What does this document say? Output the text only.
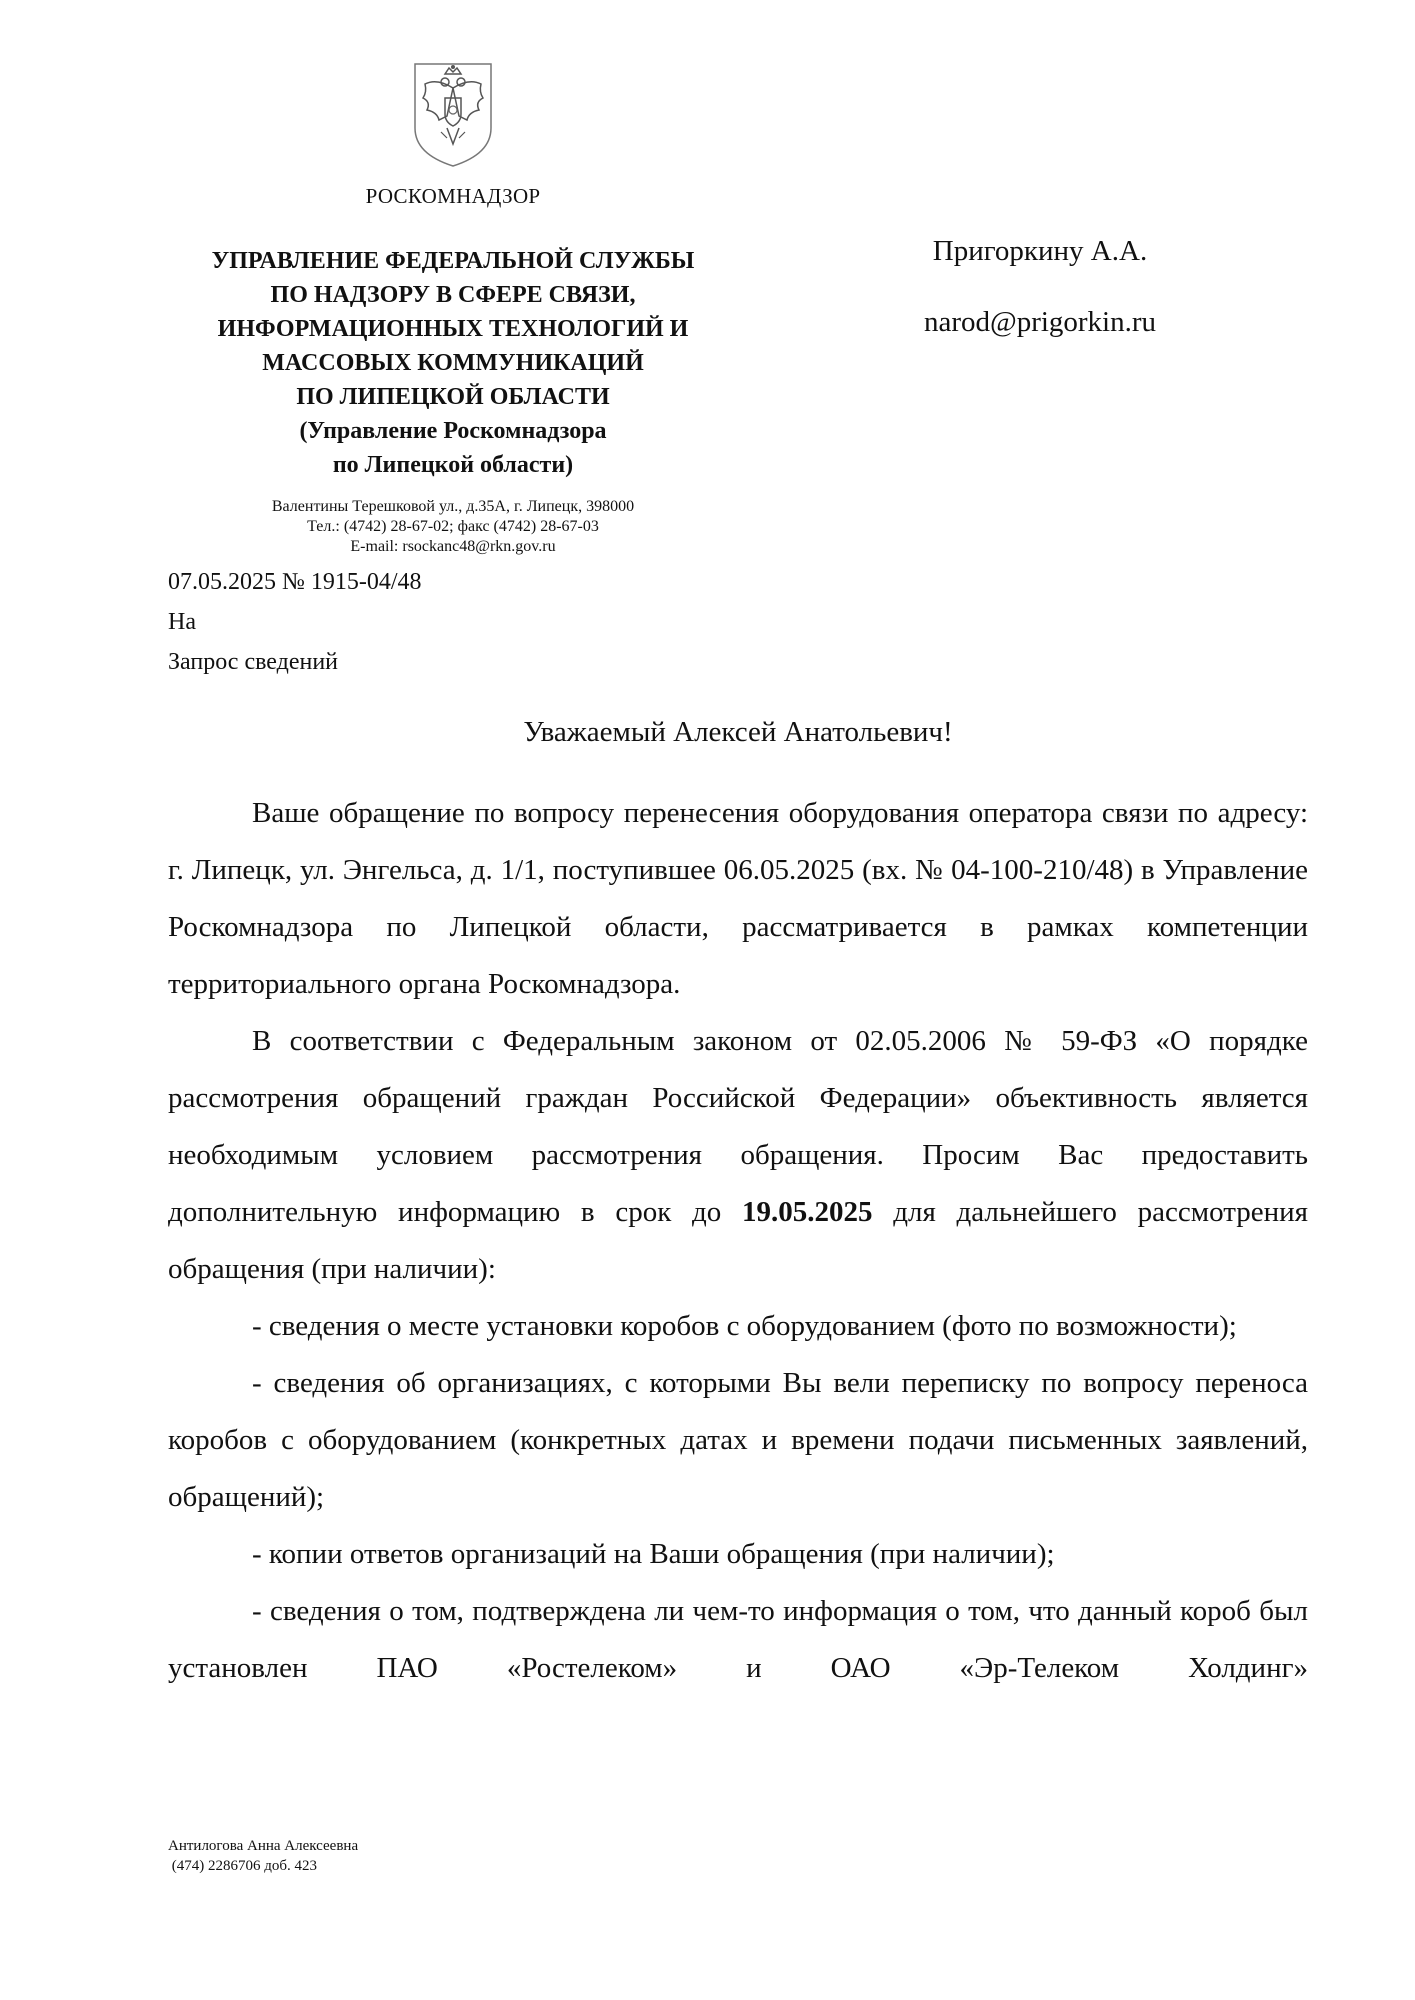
РОСКОМНАДЗОР
УПРАВЛЕНИЕ ФЕДЕРАЛЬНОЙ СЛУЖБЫ
ПО НАДЗОРУ В СФЕРЕ СВЯЗИ,
ИНФОРМАЦИОННЫХ ТЕХНОЛОГИЙ И
МАССОВЫХ КОММУНИКАЦИЙ
ПО ЛИПЕЦКОЙ ОБЛАСТИ
(Управление Роскомнадзора
по Липецкой области)
Валентины Терешковой ул., д.35А, г. Липецк, 398000
Тел.: (4742) 28-67-02; факс (4742) 28-67-03
E-mail: rsockanc48@rkn.gov.ru
Пригоркину А.А.
narod@prigorkin.ru
07.05.2025 № 1915-04/48
На
Запрос сведений
Уважаемый Алексей Анатольевич!

Ваше обращение по вопросу перенесения оборудования оператора связи по адресу: г. Липецк, ул. Энгельса, д. 1/1, поступившее 06.05.2025 (вх. № 04-100-210/48) в Управление Роскомнадзора по Липецкой области, рассматривается в рамках компетенции территориального органа Роскомнадзора.

В соответствии с Федеральным законом от 02.05.2006 № 59-ФЗ «О порядке рассмотрения обращений граждан Российской Федерации» объективность является необходимым условием рассмотрения обращения. Просим Вас предоставить дополнительную информацию в срок до 19.05.2025 для дальнейшего рассмотрения обращения (при наличии):

- сведения о месте установки коробов с оборудованием (фото по возможности);

- сведения об организациях, с которыми Вы вели переписку по вопросу переноса коробов с оборудованием (конкретных датах и времени подачи письменных заявлений, обращений);

- копии ответов организаций на Ваши обращения (при наличии);

- сведения о том, подтверждена ли чем-то информация о том, что данный короб был установлен ПАО «Ростелеком» и ОАО «Эр-Телеком Холдинг»

Антилогова Анна Алексеевна
(474) 2286706 доб. 423
